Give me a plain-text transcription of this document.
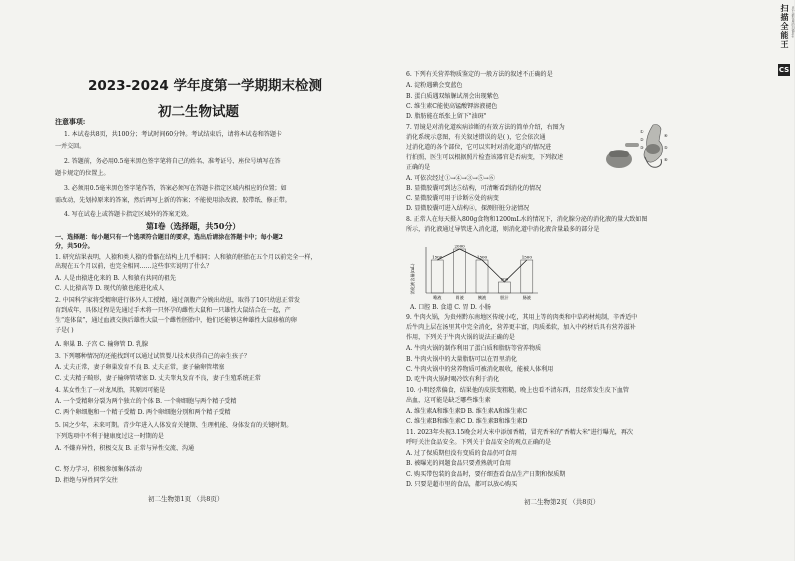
2023-2024 学年度第一学期期末检测
初二生物试题
注意事项:
1. 本试卷共8页，共100分；考试时间60分钟。考试结束后，请将本试卷和答题卡
一并交回。
2. 答题前，务必用0.5毫米黑色签字笔将自己的姓名、准考证号、座位号填写在答
题卡规定的位置上。
3. 必须用0.5毫米黑色签字笔作答，答案必须写在答题卡指定区域内相应的位置；如
需改动，先划掉原来的答案，然后再写上新的答案；不能使用涂改液、胶带纸、修正带。
4. 写在试卷上或答题卡指定区域外的答案无效。
第Ⅰ卷（选择题，共50分）
一、选择题：每小题只有一个选项符合题目的要求，选出后请涂在答题卡中；每小题2
分，共50分。
1. 研究结果表明，人猿和类人猿的骨骼在结构上几乎相同；人和猿的胚胎在五个月以前完全一样，
出现在五个月以前，也完全相同……这些事实说明了什么？
A. 人是由猿进化来的 B. 人和猿有共同的祖先
C. 人比猿高等 D. 现代的猿也能进化成人
2. 中国科学家将受精卵进行体外人工授精，通过剖腹产分娩出幼崽，取得了10只幼崽正常发
育到成年，具体过程是先通过手术将一只怀孕的雌性大鼠和一只雄性大鼠结合在一起，产
生“连体鼠”，通过血液交换后雄性大鼠一个雌性胚胎中，他们还能够这种雄性大鼠移植的卵
子是( )
A. 卵巢 B. 子宫 C. 输卵管 D. 乳腺
3. 下列哪种情况的还能找到可以通过试管婴儿技术获得自己的亲生孩子？
A. 丈夫正常，妻子卵巢发育不良 B. 丈夫正常，妻子输卵管堵塞
C. 丈夫精子畸形，妻子输卵管堵塞 D. 丈夫睾丸发育不良，妻子生殖系统正常
4. 某女性生了一对龙凤胎，其原因可能是
A. 一个受精卵分裂为两个独立的个体 B. 一个卵细胞与两个精子受精
C. 两个卵细胞和一个精子受精 D. 两个卵细胞分别和两个精子受精
5. 国之少年，未来可期。青少年进入人体发育关键期、生理机能、身体发育的关键时期。
下列选项中不利于健康度过这一时期的是
A. 不嫌弃异性，积极交友 B. 正常与异性交流、沟通
C. 努力学习，积极参加集体活动
D. 拒绝与异性同学交往
初二生物第1页 （共8页）
6. 下列有关营养物质鉴定的一般方法的叙述不正确的是
A. 淀粉遇碘会变蓝色
B. 蛋白质遇双缩脲试剂会出现紫色
C. 维生素C能使高锰酸钾溶液褪色
D. 脂肪能在纸张上留下"油斑"
7. 胃镜是对消化道疾病诊断的有效方法的简单介绍，右图为
消化系统示意图，有关叙述错误的是( )，它会依次通
过消化道的各个部位，它可以实时对消化道内的情况进
行拍照，医生可以根据照片检查该器官是否病变，下列叙述
正确的是
A. 可依次经过①→④→③→⑤→⑥
B. 显微胶囊可到达⑤结构，可清晰看到消化的情况
C. 显微胶囊可用于诊断⑥处的病变
D. 显微胶囊可进入结构④，探测肝脏分泌情况
8. 正常人在每天摄入800g食物和1200mL水的情况下，消化腺分泌的消化液的量大致如图
所示，消化液通过导管进入消化道，则消化道中消化液含量最多的部分是
①
②
③
④
⑤
⑥
消化液含量(mL)
1500
唾液
2000
胃液
1500
胰液
500
胆汁
1500
肠液
A. 口腔 B. 食道 C. 胃 D. 小肠
9. 牛肉火锅，为贵州黔东南地区传统小吃，其用上等的肉类和中草药材炖制，辛香适中
后牛肉上层在汤里其中完全消化，营养更丰富，肉质柔软，加入中药材后具有营养滋补
作用，下列关于牛肉火锅的说法正确的是
A. 牛肉火锅的制作利用了蛋白质和脂肪等营养物质
B. 牛肉火锅中的大量脂肪可以在胃里消化
C. 牛肉火锅中的营养物质可被消化吸收，能被人体利用
D. 吃牛肉火锅时喝冷饮有利于消化
10. 小明经常偏食，结果他的皮肤变粗糙，晚上也看不清东西，且经常发生皮下血管
出血，这可能是缺乏哪些维生素
A. 维生素A和维生素D B. 维生素A和维生素C
C. 维生素B和维生素C D. 维生素B和维生素D
11. 2023年央视3.15晚会对大米中添加香精，冒充香米的"香精大米"进行曝光，再次
呼吁关注食品安全。下列关于食品安全的观点正确的是
A. 过了保质期但没有变质的食品仍可食用
B. 被曝光的问题食品只要煮熟就可食用
C. 购买带包装的食品时，要仔细查看食品生产日期和保质期
D. 只要是超市里的食品，都可以放心购买
初二生物第2页 （共8页）
扫描全能王
CS
3亿人都在用的扫描App
